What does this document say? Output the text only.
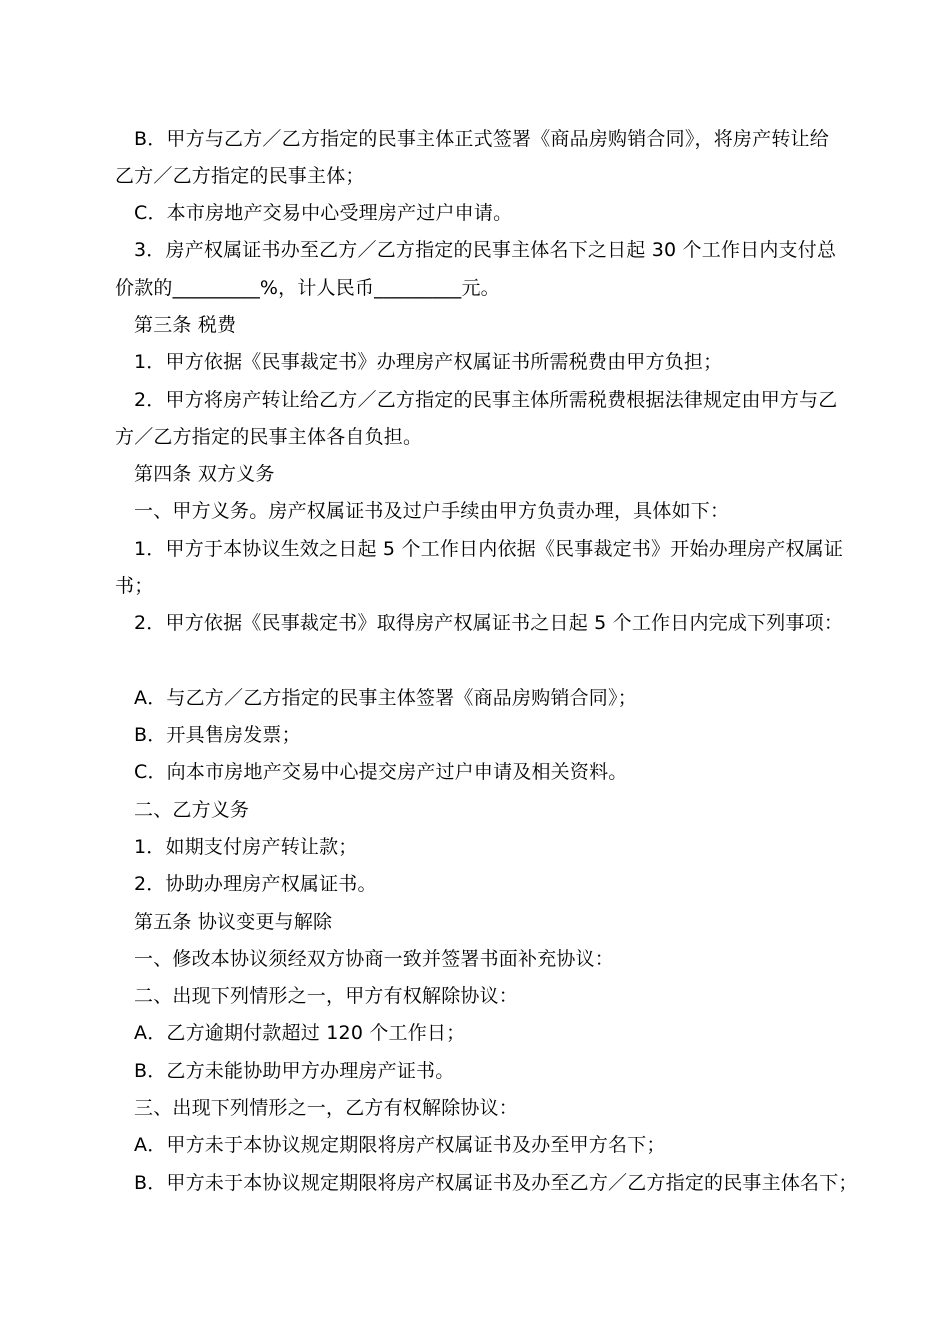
B．甲方与乙方／乙方指定的民事主体正式签署《商品房购销合同》，将房产转让给
乙方／乙方指定的民事主体；
C．本市房地产交易中心受理房产过户申请。
3．房产权属证书办至乙方／乙方指定的民事主体名下之日起 30 个工作日内支付总
价款的_________%，计人民币_________元。
第三条 税费
1．甲方依据《民事裁定书》办理房产权属证书所需税费由甲方负担；
2．甲方将房产转让给乙方／乙方指定的民事主体所需税费根据法律规定由甲方与乙
方／乙方指定的民事主体各自负担。
第四条 双方义务
一、甲方义务。房产权属证书及过户手续由甲方负责办理，具体如下：
1．甲方于本协议生效之日起 5 个工作日内依据《民事裁定书》开始办理房产权属证
书；
2．甲方依据《民事裁定书》取得房产权属证书之日起 5 个工作日内完成下列事项：
A．与乙方／乙方指定的民事主体签署《商品房购销合同》；
B．开具售房发票；
C．向本市房地产交易中心提交房产过户申请及相关资料。
二、乙方义务
1．如期支付房产转让款；
2．协助办理房产权属证书。
第五条 协议变更与解除
一、修改本协议须经双方协商一致并签署书面补充协议：
二、出现下列情形之一，甲方有权解除协议：
A．乙方逾期付款超过 120 个工作日；
B．乙方未能协助甲方办理房产证书。
三、出现下列情形之一，乙方有权解除协议：
A．甲方未于本协议规定期限将房产权属证书及办至甲方名下；
B．甲方未于本协议规定期限将房产权属证书及办至乙方／乙方指定的民事主体名下；
